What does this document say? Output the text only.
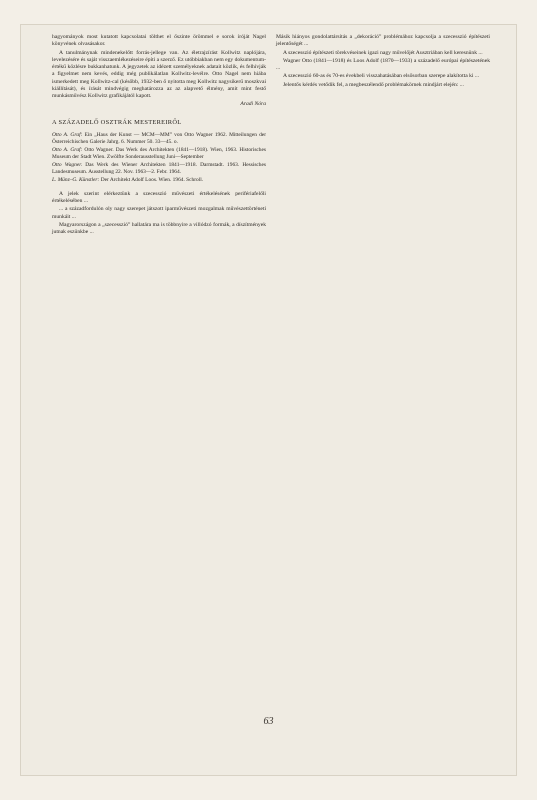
hagyományok most kutatott kapcsolatai tölthet el őszinte örömmel e sorok íróját Nagel könyvének olvasásakor.

A tanulmánynak mindenekelőtt forrás-jellege van. Az életrajzírást Kollwitz naplójára, levelezésére és saját visszaemlékezéseire építi a szerző. Ez utóbbiakban nem egy dokumentum-értékű közlésre bukkanhatunk. A jegyzetek az idézett személyeknek adatait közlik, és felhívják a figyelmet nem kevés, eddig még publikálatlan Kollwitz-levélre. Otto Nagel nem hiába ismerkedett meg Kollwitz-cal (később, 1932-ben ő nyitotta meg Kollwitz nagysikerű moszkvai kiállítását), és írását mindvégig meghatározza az az alapvető élmény, amit mint festő munkásművész Kollwitz grafikájától kapott.

Aradi Nóra
A SZÁZADELŐ OSZTRÁK MESTEREIRŐL

Otto A. Graf: Ein „Haus der Kunst — MCM—MM” von Otto Wagner 1962. Mitteilungen der Österreichischen Galerie Jahrg. 6. Nummer 50. 33—45. o.

Otto A. Graf: Otto Wagner. Das Werk des Architekten (1841—1918). Wien, 1963. Historisches Museum der Stadt Wien. Zwölfte Sonderausstellung Juni—September

Otto Wagner. Das Werk des Wiener Architekten 1841—1918. Darmstadt. 1963. Hessisches Landesmuseum. Ausstellung 22. Nov. 1963—2. Febr. 1964.

L. Münz–G. Künstler: Der Architekt Adolf Loos. Wien. 1964. Schroll.

A jelek szerint elérkeztünk a szecesszió művészeti értékelésének perifériafelőli értékelésében ...

... a századfordulón oly nagy szerepet játszott iparművészeti mozgalmak művészettörténeti munkáit ...

Magyarországon a „szecesszió” hallatára ma is többnyire a villódzó formák, a díszítmények jutnak eszünkbe ...

Másik hiányos gondolattársítás a „dekoráció” problémához kapcsolja a szecesszió építészeti jelentőségét ...

A szecesszió építészeti törekvéseinek igazi nagy művelőjét Ausztriában kell keresnünk ...

Wagner Otto (1841—1918) és Loos Adolf (1870—1933) a századelő európai építészetének ...

A szecesszió 60-as és 70-es évekbeli visszahatásában elsősorban szerepe alakította ki ...

Jelentős kérdés vetődik fel, a megbeszélendő problémakörnek mindjárt elején: ...

63
